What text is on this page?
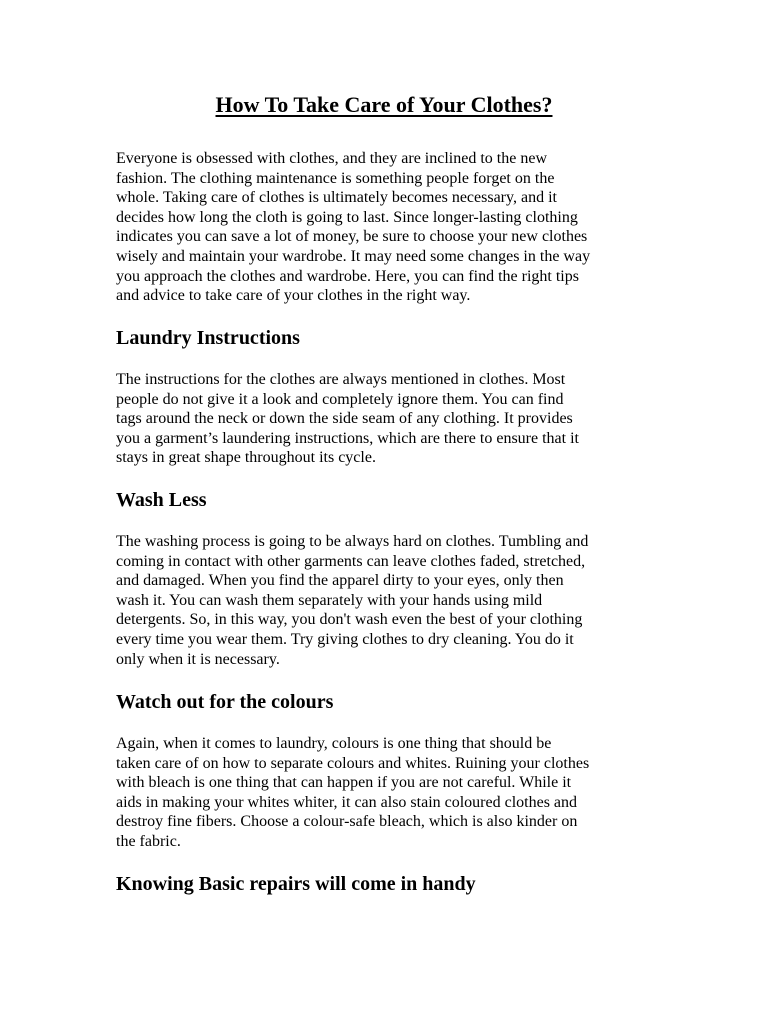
How To Take Care of Your Clothes?

Everyone is obsessed with clothes, and they are inclined to the new
fashion. The clothing maintenance is something people forget on the
whole. Taking care of clothes is ultimately becomes necessary, and it
decides how long the cloth is going to last. Since longer-lasting clothing
indicates you can save a lot of money, be sure to choose your new clothes
wisely and maintain your wardrobe. It may need some changes in the way
you approach the clothes and wardrobe. Here, you can find the right tips
and advice to take care of your clothes in the right way.

Laundry Instructions

The instructions for the clothes are always mentioned in clothes. Most
people do not give it a look and completely ignore them. You can find
tags around the neck or down the side seam of any clothing. It provides
you a garment’s laundering instructions, which are there to ensure that it
stays in great shape throughout its cycle.

Wash Less

The washing process is going to be always hard on clothes. Tumbling and
coming in contact with other garments can leave clothes faded, stretched,
and damaged. When you find the apparel dirty to your eyes, only then
wash it. You can wash them separately with your hands using mild
detergents. So, in this way, you don't wash even the best of your clothing
every time you wear them. Try giving clothes to dry cleaning. You do it
only when it is necessary.

Watch out for the colours

Again, when it comes to laundry, colours is one thing that should be
taken care of on how to separate colours and whites. Ruining your clothes
with bleach is one thing that can happen if you are not careful. While it
aids in making your whites whiter, it can also stain coloured clothes and
destroy fine fibers. Choose a colour-safe bleach, which is also kinder on
the fabric.

Knowing Basic repairs will come in handy
